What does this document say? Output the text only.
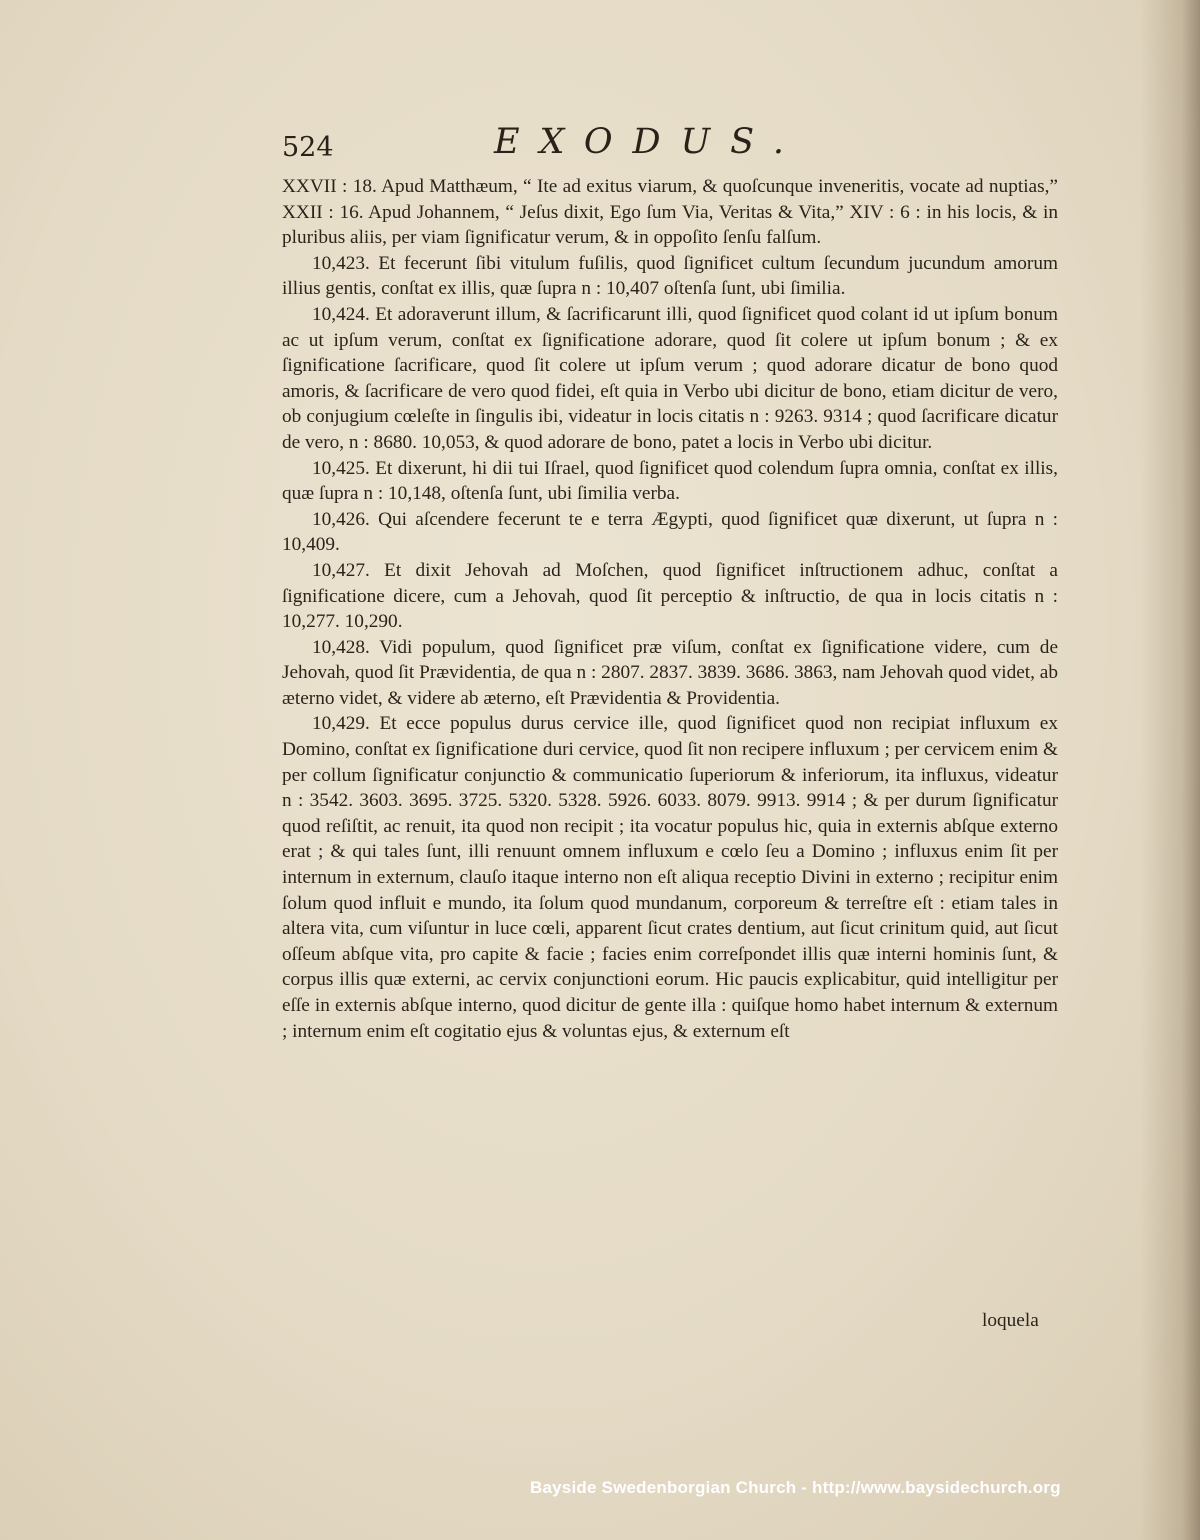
524	EXODUS.

XXVII : 18. Apud Matthæum, “ Ite ad exitus viarum, & quoſcunque inveneritis, vocate ad nuptias,” XXII : 16. Apud Johannem, “ Jeſus dixit, Ego ſum Via, Veritas & Vita,” XIV : 6 : in his locis, & in pluribus aliis, per viam ſignificatur verum, & in oppoſito ſenſu falſum.

10,423. Et fecerunt ſibi vitulum fuſilis, quod ſignificet cultum ſecundum jucundum amorum illius gentis, conſtat ex illis, quæ ſupra n : 10,407 oſtenſa ſunt, ubi ſimilia.

10,424. Et adoraverunt illum, & ſacrificarunt illi, quod ſignificet quod colant id ut ipſum bonum ac ut ipſum verum, conſtat ex ſignificatione adorare, quod ſit colere ut ipſum bonum ; & ex ſignificatione ſacrificare, quod ſit colere ut ipſum verum ; quod adorare dicatur de bono quod amoris, & ſacrificare de vero quod fidei, eſt quia in Verbo ubi dicitur de bono, etiam dicitur de vero, ob conjugium cœleſte in ſingulis ibi, videatur in locis citatis n : 9263. 9314 ; quod ſacrificare dicatur de vero, n : 8680. 10,053, & quod adorare de bono, patet a locis in Verbo ubi dicitur.

10,425. Et dixerunt, hi dii tui Iſrael, quod ſignificet quod colendum ſupra omnia, conſtat ex illis, quæ ſupra n : 10,148, oſtenſa ſunt, ubi ſimilia verba.

10,426. Qui aſcendere fecerunt te e terra Ægypti, quod ſignificet quæ dixerunt, ut ſupra n : 10,409.

10,427. Et dixit Jehovah ad Moſchen, quod ſignificet inſtructionem adhuc, conſtat a ſignificatione dicere, cum a Jehovah, quod ſit perceptio & inſtructio, de qua in locis citatis n : 10,277. 10,290.

10,428. Vidi populum, quod ſignificet præ viſum, conſtat ex ſignificatione videre, cum de Jehovah, quod ſit Prævidentia, de qua n : 2807. 2837. 3839. 3686. 3863, nam Jehovah quod videt, ab æterno videt, & videre ab æterno, eſt Prævidentia & Providentia.

10,429. Et ecce populus durus cervice ille, quod ſignificet quod non recipiat influxum ex Domino, conſtat ex ſignificatione duri cervice, quod ſit non recipere influxum ; per cervicem enim & per collum ſignificatur conjunctio & communicatio ſuperiorum & inferiorum, ita influxus, videatur n : 3542. 3603. 3695. 3725. 5320. 5328. 5926. 6033. 8079. 9913. 9914 ; & per durum ſignificatur quod reſiſtit, ac renuit, ita quod non recipit ; ita vocatur populus hic, quia in externis abſque externo erat ; & qui tales ſunt, illi renuunt omnem influxum e cœlo ſeu a Domino ; influxus enim ſit per internum in externum, clauſo itaque interno non eſt aliqua receptio Divini in externo ; recipitur enim ſolum quod influit e mundo, ita ſolum quod mundanum, corporeum & terreſtre eſt : etiam tales in altera vita, cum viſuntur in luce cœli, apparent ſicut crates dentium, aut ſicut crinitum quid, aut ſicut oſſeum abſque vita, pro capite & facie ; facies enim correſpondet illis quæ interni hominis ſunt, & corpus illis quæ externi, ac cervix conjunctioni eorum. Hic paucis explicabitur, quid intelligitur per eſſe in externis abſque interno, quod dicitur de gente illa : quiſque homo habet internum & externum ; internum enim eſt cogitatio ejus & voluntas ejus, & externum eſt

loquela
Bayside Swedenborgian Church - http://www.baysidechurch.org
